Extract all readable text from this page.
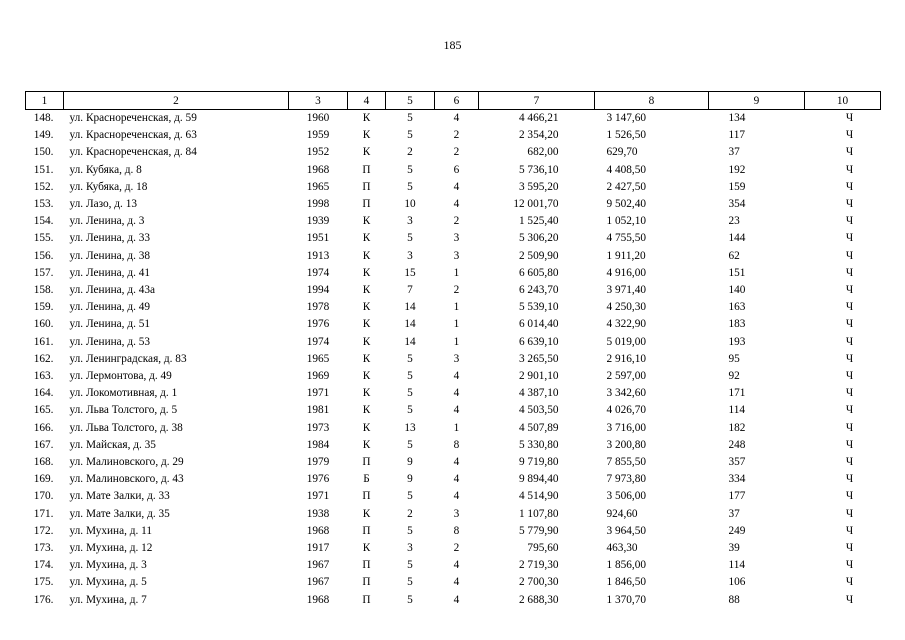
185
1	2	3	4	5	6	7	8	9	10
148.	ул. Краснореченская, д. 59	1960	К	5	4	4 466,21	3 147,60	134	Ч
149.	ул. Краснореченская, д. 63	1959	К	5	2	2 354,20	1 526,50	117	Ч
150.	ул. Краснореченская, д. 84	1952	К	2	2	682,00	629,70	37	Ч
151.	ул. Кубяка, д. 8	1968	П	5	6	5 736,10	4 408,50	192	Ч
152.	ул. Кубяка, д. 18	1965	П	5	4	3 595,20	2 427,50	159	Ч
153.	ул. Лазо, д. 13	1998	П	10	4	12 001,70	9 502,40	354	Ч
154.	ул. Ленина, д. 3	1939	К	3	2	1 525,40	1 052,10	23	Ч
155.	ул. Ленина, д. 33	1951	К	5	3	5 306,20	4 755,50	144	Ч
156.	ул. Ленина, д. 38	1913	К	3	3	2 509,90	1 911,20	62	Ч
157.	ул. Ленина, д. 41	1974	К	15	1	6 605,80	4 916,00	151	Ч
158.	ул. Ленина, д. 43а	1994	К	7	2	6 243,70	3 971,40	140	Ч
159.	ул. Ленина, д. 49	1978	К	14	1	5 539,10	4 250,30	163	Ч
160.	ул. Ленина, д. 51	1976	К	14	1	6 014,40	4 322,90	183	Ч
161.	ул. Ленина, д. 53	1974	К	14	1	6 639,10	5 019,00	193	Ч
162.	ул. Ленинградская, д. 83	1965	К	5	3	3 265,50	2 916,10	95	Ч
163.	ул. Лермонтова, д. 49	1969	К	5	4	2 901,10	2 597,00	92	Ч
164.	ул. Локомотивная, д. 1	1971	К	5	4	4 387,10	3 342,60	171	Ч
165.	ул. Льва Толстого, д. 5	1981	К	5	4	4 503,50	4 026,70	114	Ч
166.	ул. Льва Толстого, д. 38	1973	К	13	1	4 507,89	3 716,00	182	Ч
167.	ул. Майская, д. 35	1984	К	5	8	5 330,80	3 200,80	248	Ч
168.	ул. Малиновского, д. 29	1979	П	9	4	9 719,80	7 855,50	357	Ч
169.	ул. Малиновского, д. 43	1976	Б	9	4	9 894,40	7 973,80	334	Ч
170.	ул. Мате Залки, д. 33	1971	П	5	4	4 514,90	3 506,00	177	Ч
171.	ул. Мате Залки, д. 35	1938	К	2	3	1 107,80	924,60	37	Ч
172.	ул. Мухина, д. 11	1968	П	5	8	5 779,90	3 964,50	249	Ч
173.	ул. Мухина, д. 12	1917	К	3	2	795,60	463,30	39	Ч
174.	ул. Мухина, д. 3	1967	П	5	4	2 719,30	1 856,00	114	Ч
175.	ул. Мухина, д. 5	1967	П	5	4	2 700,30	1 846,50	106	Ч
176.	ул. Мухина, д. 7	1968	П	5	4	2 688,30	1 370,70	88	Ч
